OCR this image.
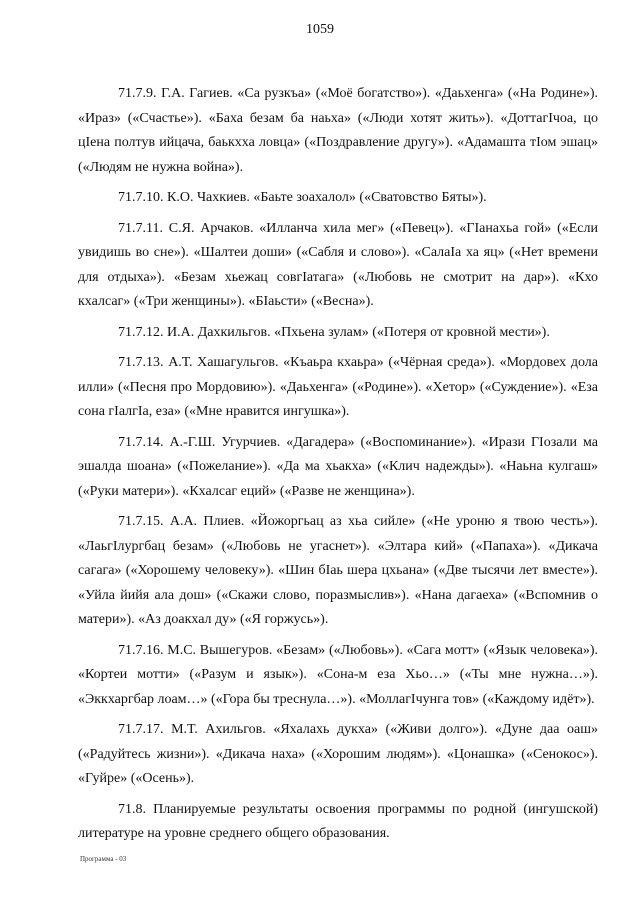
1059

71.7.9. Г.А. Гагиев. «Са рузкъа» («Моё богатство»). «Даьхенга» («На Родине»). «Ираз» («Счастье»). «Баха безам ба наьха» («Люди хотят жить»). «ДоттагІчоа, цо цІена полтув ийцача, баькхха ловца» («Поздравление другу»). «Адамашта тІом эшац» («Людям не нужна война»).

71.7.10. К.О. Чахкиев. «Баьте зоахалол» («Сватовство Бяты»).

71.7.11. С.Я. Арчаков. «Илланча хила мег» («Певец»). «ГІанахьа гой» («Если увидишь во сне»). «Шалтеи доши» («Сабля и слово»). «СалаІа ха яц» («Нет времени для отдыха»). «Безам хьежац совгІатага» («Любовь не смотрит на дар»). «Кхо кхалсаг» («Три женщины»). «БІаьсти» («Весна»).

71.7.12. И.А. Дахкильгов. «Пхьена зулам» («Потеря от кровной мести»).

71.7.13. А.Т. Хашагульгов. «Къаьра кхаьра» («Чёрная среда»). «Мордовех дола илли» («Песня про Мордовию»). «Даьхенга» («Родине»). «Хетор» («Суждение»). «Еза сона гІалгІа, еза» («Мне нравится ингушка»).

71.7.14. А.-Г.Ш. Угурчиев. «Дагадера» («Воспоминание»). «Ирази ГІозали ма эшалда шоана» («Пожелание»). «Да ма хьакха» («Клич надежды»). «Наьна кулгаш» («Руки матери»). «Кхалсаг еций» («Разве не женщина»).

71.7.15. А.А. Плиев. «Йожоргьац аз хьа сийле» («Не уроню я твою честь»). «ЛаьгІлургбац безам» («Любовь не угаснет»). «Элтара кий» («Папаха»). «Дикача сагага» («Хорошему человеку»). «Шин бІаь шера цхьана» («Две тысячи лет вместе»). «Уйла йийя ала дош» («Скажи слово, поразмыслив»). «Нана дагаеха» («Вспомнив о матери»). «Аз доакхал ду» («Я горжусь»).

71.7.16. М.С. Вышегуров. «Безам» («Любовь»). «Сага мотт» («Язык человека»). «Кортеи мотти» («Разум и язык»). «Сона-м еза Хьо…» («Ты мне нужна…»). «Эккхаргбар лоам…» («Гора бы треснула…»). «МоллагІчунга тов» («Каждому идёт»).

71.7.17. М.Т. Ахильгов. «Яхалахь дукха» («Живи долго»). «Дуне даа оаш» («Радуйтесь жизни»). «Дикача наха» («Хорошим людям»). «Цонашка» («Сенокос»). «Гуйре» («Осень»).

71.8. Планируемые результаты освоения программы по родной (ингушской) литературе на уровне среднего общего образования.

Программа - 03
